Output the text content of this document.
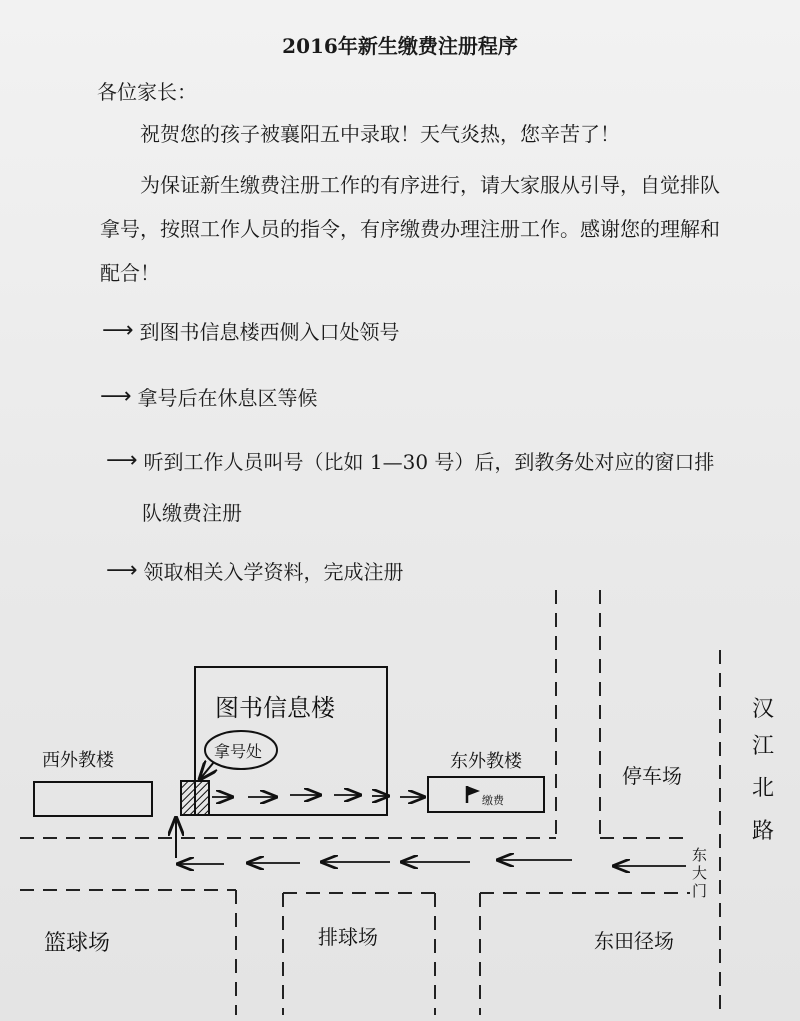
2016年新生缴费注册程序
各位家长：
祝贺您的孩子被襄阳五中录取！天气炎热，您辛苦了！
为保证新生缴费注册工作的有序进行，请大家服从引导，自觉排队拿号，按照工作人员的指令，有序缴费办理注册工作。感谢您的理解和配合！
⟶ 到图书信息楼西侧入口处领号
⟶ 拿号后在休息区等候
⟶ 听到工作人员叫号（比如 1—30 号）后，到教务处对应的窗口排
队缴费注册
⟶ 领取相关入学资料，完成注册
图书信息楼
拿号处
西外教楼	东外教楼
缴费
停车场
汉
江
北
路
东
大
门
篮球场	排球场	东田径场
